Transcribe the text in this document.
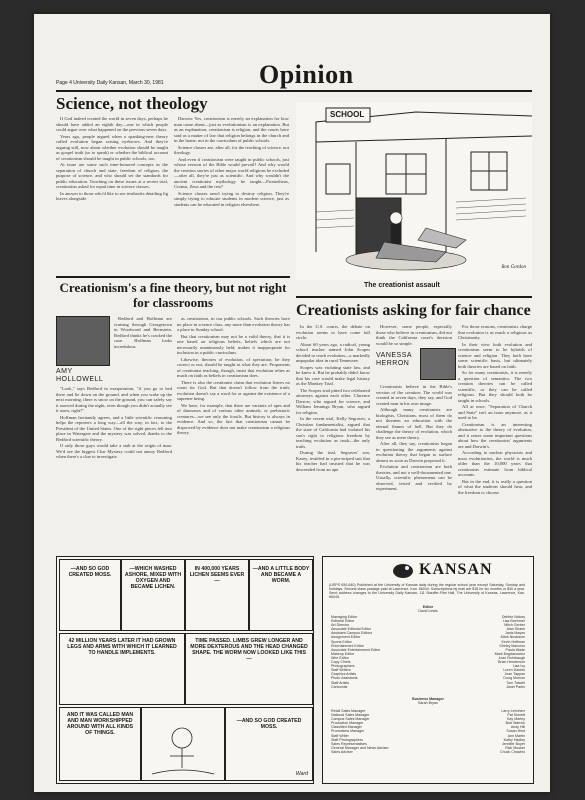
Page 4 University Daily Kansan, March 30, 1981	Opinion
Science, not theology

If God indeed created the world in seven days, perhaps he should have added an eighth day—one in which people could argue over what happened on the previous seven days.

Years ago, people argued when a spanking-new theory called evolution began raising eyebrows. And they're arguing still, now about whether evolution should be taught as gospel truth (so to speak) or whether the biblical account of creationism should be taught in public schools, too.

At issue are some such time-honored concepts as the separation of church and state, freedom of religion, the purpose of science, and who should set the standards for public education. Touching on these issues at a recent trial, creationists asked for equal time in science classes.

In answer to those who'd like to see textbooks detailing fig leaves alongside

Darwin: Yes, creationism is merely an explanation for how man came about—just as evolutionism is an explanation. But as an explanation, creationism is religion, and the courts have said as a matter of law that religion belongs in the church and in the home, not in the curriculum of public schools.

Science classes are, after all, for the teaching of science, not theology.

And even if creationism were taught in public schools, just whose version of the Bible would prevail? And why would the creation stories of other major world religions be excluded—after all, they're just as scientific. And why wouldn't the ancient creationist mythology be taught—Prometheus, Cronus, Zeus and the rest?

Science classes aren't trying to destroy religion. They're simply trying to educate students in modern science, just as students can be educated in religion elsewhere.

SCHOOL
Ron Gordon
The creationist assault
Creationism's a fine theory, but not right for classrooms
AMY HOLLOWELL

Redford and Hoffman are cruising through Georgetown in Woodward and Bernstein. Redford thinks he's cracked the case. Hoffman looks incredulous.

"Look," says Redford in exasperation, "if you go to bed there and lie down on the ground, and when you wake up the next morning, there is snow on the ground, you can safely say it snowed during the night, even though you didn't actually see it snow, right?"

Hoffman hesitantly agrees, and a little scientific reasoning helps the reporters a long way—all the way, in fact, to the President of the United States. One of the right pieces fell into place in Watergate and the mystery was solved, thanks to the Redford scientific theory.

If only those guys would take a stab at the origin of man. We'd see the biggest Clue Mystery could not annoy Redford when there's a clue to investigate.

as creationism, in our public schools. Such theories have no place in science class, any more than evolution theory has a place in Sunday school.

But that creationism may not be a valid theory, that it is one based on religious beliefs, beliefs which are not necessarily unanimously held, makes it inappropriate for inclusion in a public curriculum.

Likewise, theories of evolution, of speciation, be they correct or not, should be taught as what they are. Proponents of creationist teaching, though, insist that evolution relies as much on faith as beliefs in creationism does.

There is also the creationist claim that evolution leaves no room for God. But that doesn't follow from the truth; evolution doesn't say a word for or against the existence of a supreme being.

We have, for example, that there are variants of apes and of dinosaurs and of various other animals, or prehistoric creatures—we see only the fossils. But history is always in evidence. And so, the fact that creationism cannot be disproved by evidence does not make creationism a religious theory.

Creationists asking for fair chance

In the U.S. courts, the debate on evolution seems to have come full circle.

About 60 years ago, a radical, young school teacher named John Scopes decided to teach evolution—a markedly unpopular idea in rural Tennessee.

Scopes was violating state law, and he knew it. But he probably didn't know that his case would make legal history as the Monkey Trial.

The Scopes trial pitted two celebrated attorneys against each other. Clarence Darrow, who argued for science, and William Jennings Bryan, who argued for religion.

In the recent trial, Kelly Segraves, a Christian fundamentalist, argued that the state of California had violated his son's right to religious freedom by teaching evolution as truth—the only truth.

During the trial, Segraves' son, Kasey, testified in a pin-striped suit that his teacher had insisted that he was descended from an ape.

VANESSA HERRON

However, some people, especially those who believe in creationism, did not think the California court's decision would be so simple.

Creationists believe in the Bible's version of the creation: The world was created in seven days, they say, and God created man in his own image.

Although many creationists are biologists, Christians, most of them do not threaten an education with the eternal flames of hell. But they do challenge the theory of evolution, which they see as mere theory.

After all, they say, creationists began in questioning the arguments against evolution theory that began to surface almost as soon as Darwin proposed it.

Evolution and creationism are both theories, and not a well-documented one. Usually, scientific phenomena can be observed, tested and verified by experiment.

For those reasons, creationists charge that evolution is as much a religious as Christianity.

In their view both evolution and creationism seem to be hybrids of science and religion. They both have some scientific basis, but ultimately both theories are based on faith.

So for many creationists, it is merely a question of semantics: The two creation theories can be called scientific, or they can be called religious. But they should both be taught in schools.

All at once, "Separation of Church and State" isn't an issue anymore, as it used to be.

Creationism is an interesting alternative to the theory of evolution, and it raises some important questions about how the creationists' arguments are and Darwin's.

According to nuclear physicists and most evolutionists, the world is much older than the 10,000 years that creationists estimate from biblical accounts.

But in the end, it is really a question of what the students should hear, and the freedom to choose.

—AND SO GOD CREATED MOSS.
—WHICH WASHED ASHORE, MIXED WITH OXYGEN AND BECAME LICHEN.
IN 400,000 YEARS LICHEN SEEMS EVER—
—AND A LITTLE BODY AND BECAME A WORM.
42 MILLION YEARS LATER IT HAD GROWN LEGS AND ARMS WITH WHICH IT LEARNED TO HANDLE IMPLEMENTS.
TIME PASSED. LIMBS GREW LONGER AND MORE DEXTEROUS AND THE HEAD CHANGED SHAPE. THE WORM NOW LOOKED LIKE THIS—
AND IT WAS CALLED MAN AND MAN WORKSHIPPED AROUND WITH ALL KINDS OF THINGS.
—AND SO GOD CREATED MOSS.
Ward
KANSAN
(USPS 650-640) Published at the University of Kansas daily during the regular school year except Saturday, Sunday and holidays. Second-class postage paid at Lawrence, Kan. 66044. Subscriptions by mail are $18 for six months or $30 a year. Send address changes to the University Daily Kansan, 111 Stauffer-Flint Hall, The University of Kansas, Lawrence, Kan. 66045.
Editor
David Lewis
Managing Editor	Debbie Nickey
Editorial Editor	Lisa Boehmer
Art Director	Mitch Gerber
Associate Editorial Editor	Alan Shank
Assistant Campus Editors	Janis Mayes
Assignment Editor	Mark Nusbaum
Sports Editor	Kevin Hoffman
Entertainment Editor	Shirley Mancino
Associate Entertainment Editor	Paula Wade
Makeup Editor	Mark Bogdanowicz
Wire Editor	Joan Rohrbaugh
Copy Chiefs	Brian Henderson
Photographers	Lisa Ivy
Staff Writers	Loren Dantes
Graphics Artists	Jean Tappan
Photo Assistants	Doug Morrow
Staff Artists	Tom Tidwell
Cartoonist	Janet Parks
Business Manager
Sarah Bryan
Retail Sales Manager	Larry Lehnherr
National Sales Manager	Pat Sinnett
Campus Sales Manager	Kay Marley
Production Manager	Bob Warrick
Classified Manager	Andy Hill
Promotions Manager	Susan Hirst
Staff Writer	Ann Martin
Staff Photographers	Kathy Hadley
Sales Representatives	Jennifer Boyer
General Manager and News Adviser	Rick Musser
Sales Adviser	Chuck Chowins
